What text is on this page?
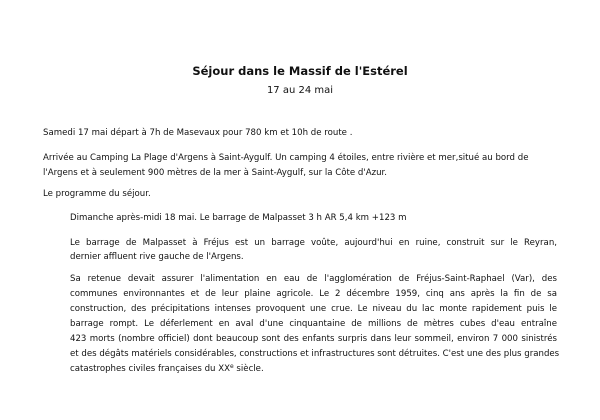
Séjour dans le Massif de l'Estérel
17 au 24 mai
Samedi 17 mai départ à 7h de Masevaux pour 780 km et 10h de route .
Arrivée au Camping La Plage d'Argens à Saint-Aygulf. Un camping 4 étoiles, entre rivière et mer,situé au bord de
l'Argens et à seulement 900 mètres de la mer à Saint-Aygulf, sur la Côte d'Azur.
Le programme du séjour.
Dimanche après-midi 18 mai. Le barrage de Malpasset 3 h AR 5,4 km +123 m
Le barrage de Malpasset à Fréjus est un barrage voûte, aujourd'hui en ruine, construit sur le Reyran,
dernier affluent rive gauche de l'Argens.
Sa retenue devait assurer l'alimentation en eau de l'agglomération de Fréjus-Saint-Raphael (Var), des
communes environnantes et de leur plaine agricole. Le 2 décembre 1959, cinq ans après la fin de sa
construction, des précipitations intenses provoquent une crue. Le niveau du lac monte rapidement puis le
barrage rompt. Le déferlement en aval d'une cinquantaine de millions de mètres cubes d'eau entraîne
423 morts (nombre officiel) dont beaucoup sont des enfants surpris dans leur sommeil, environ 7 000 sinistrés
et des dégâts matériels considérables, constructions et infrastructures sont détruites. C'est une des plus grandes
catastrophes civiles françaises du XXe siècle.
